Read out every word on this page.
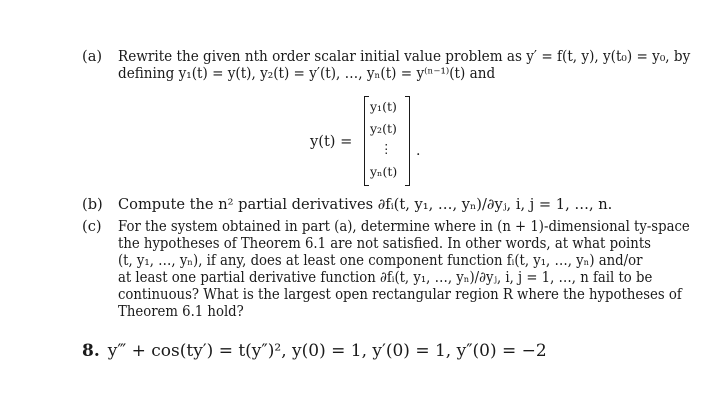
(a) Rewrite the given nth order scalar initial value problem as y′ = f(t, y), y(t₀) = y₀, by
defining y₁(t) = y(t), y₂(t) = y′(t), …, yₙ(t) = y⁽ⁿ⁻¹⁾(t) and
y(t) =
y₁(t)
y₂(t)
⋮
yₙ(t)
.
(b) Compute the n² partial derivatives ∂fᵢ(t, y₁, …, yₙ)/∂yⱼ, i, j = 1, …, n.
(c) For the system obtained in part (a), determine where in (n + 1)-dimensional ty-space
the hypotheses of Theorem 6.1 are not satisfied. In other words, at what points
(t, y₁, …, yₙ), if any, does at least one component function fᵢ(t, y₁, …, yₙ) and/or
at least one partial derivative function ∂fᵢ(t, y₁, …, yₙ)/∂yⱼ, i, j = 1, …, n fail to be
continuous? What is the largest open rectangular region R where the hypotheses of
Theorem 6.1 hold?
8. y‴ + cos(ty′) = t(y″)², y(0) = 1, y′(0) = 1, y″(0) = −2
